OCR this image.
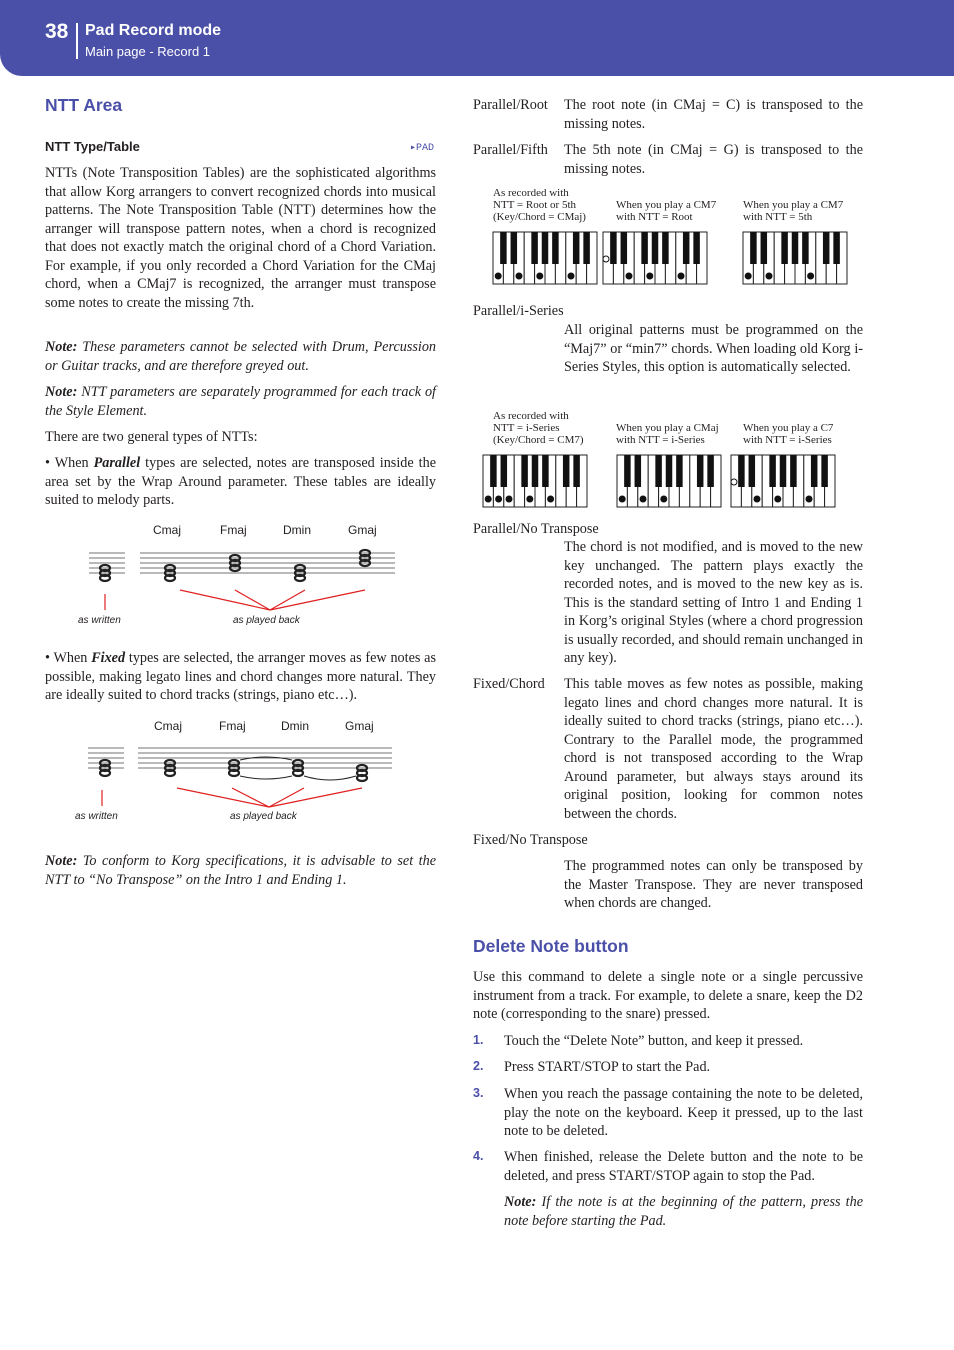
38 Pad Record mode
Main page - Record 1
NTT Area
NTT Type/Table	▸PAD

NTTs (Note Transposition Tables) are the sophisticated algorithms that allow Korg arrangers to convert recognized chords into musical patterns. The Note Transposition Table (NTT) determines how the arranger will transpose pattern notes, when a chord is recognized that does not exactly match the original chord of a Chord Variation. For example, if you only recorded a Chord Variation for the CMaj chord, when a CMaj7 is recognized, the arranger must transpose some notes to create the missing 7th.

Note: These parameters cannot be selected with Drum, Percussion or Guitar tracks, and are therefore greyed out.

Note: NTT parameters are separately programmed for each track of the Style Element.

There are two general types of NTTs:

• When Parallel types are selected, notes are transposed inside the area set by the Wrap Around parameter. These tables are ideally suited to melody parts.

Cmaj	Fmaj	Dmin	Gmaj
as written	as played back

• When Fixed types are selected, the arranger moves as few notes as possible, making legato lines and chord changes more natural. They are ideally suited to chord tracks (strings, piano etc…).

Cmaj	Fmaj	Dmin	Gmaj
as written	as played back

Note: To conform to Korg specifications, it is advisable to set the NTT to “No Transpose” on the Intro 1 and Ending 1.

Parallel/Root The root note (in CMaj = C) is transposed to the missing notes.

Parallel/Fifth The 5th note (in CMaj = G) is transposed to the missing notes.

As recorded with
NTT = Root or 5th
(Key/Chord = CMaj)
When you play a CM7
with NTT = Root
When you play a CM7
with NTT = 5th
Parallel/i-Series

All original patterns must be programmed on the “Maj7” or “min7” chords. When loading old Korg i-Series Styles, this option is automatically selected.

As recorded with
NTT = i-Series
(Key/Chord = CM7)
When you play a CMaj
with NTT = i-Series
When you play a C7
with NTT = i-Series
Parallel/No Transpose

The chord is not modified, and is moved to the new key unchanged. The pattern plays exactly the recorded notes, and is moved to the new key as is. This is the standard setting of Intro 1 and Ending 1 in Korg’s original Styles (where a chord progression is usually recorded, and should remain unchanged in any key).

Fixed/Chord This table moves as few notes as possible, making legato lines and chord changes more natural. It is ideally suited to chord tracks (strings, piano etc…). Contrary to the Parallel mode, the programmed chord is not transposed according to the Wrap Around parameter, but always stays around its original position, looking for common notes between the chords.

Fixed/No Transpose

The programmed notes can only be transposed by the Master Transpose. They are never transposed when chords are changed.

Delete Note button

Use this command to delete a single note or a single percussive instrument from a track. For example, to delete a snare, keep the D2 note (corresponding to the snare) pressed.

1. Touch the “Delete Note” button, and keep it pressed.
2. Press START/STOP to start the Pad.
3. When you reach the passage containing the note to be deleted, play the note on the keyboard. Keep it pressed, up to the last note to be deleted.
4. When finished, release the Delete button and the note to be deleted, and press START/STOP again to stop the Pad.

Note: If the note is at the beginning of the pattern, press the note before starting the Pad.
